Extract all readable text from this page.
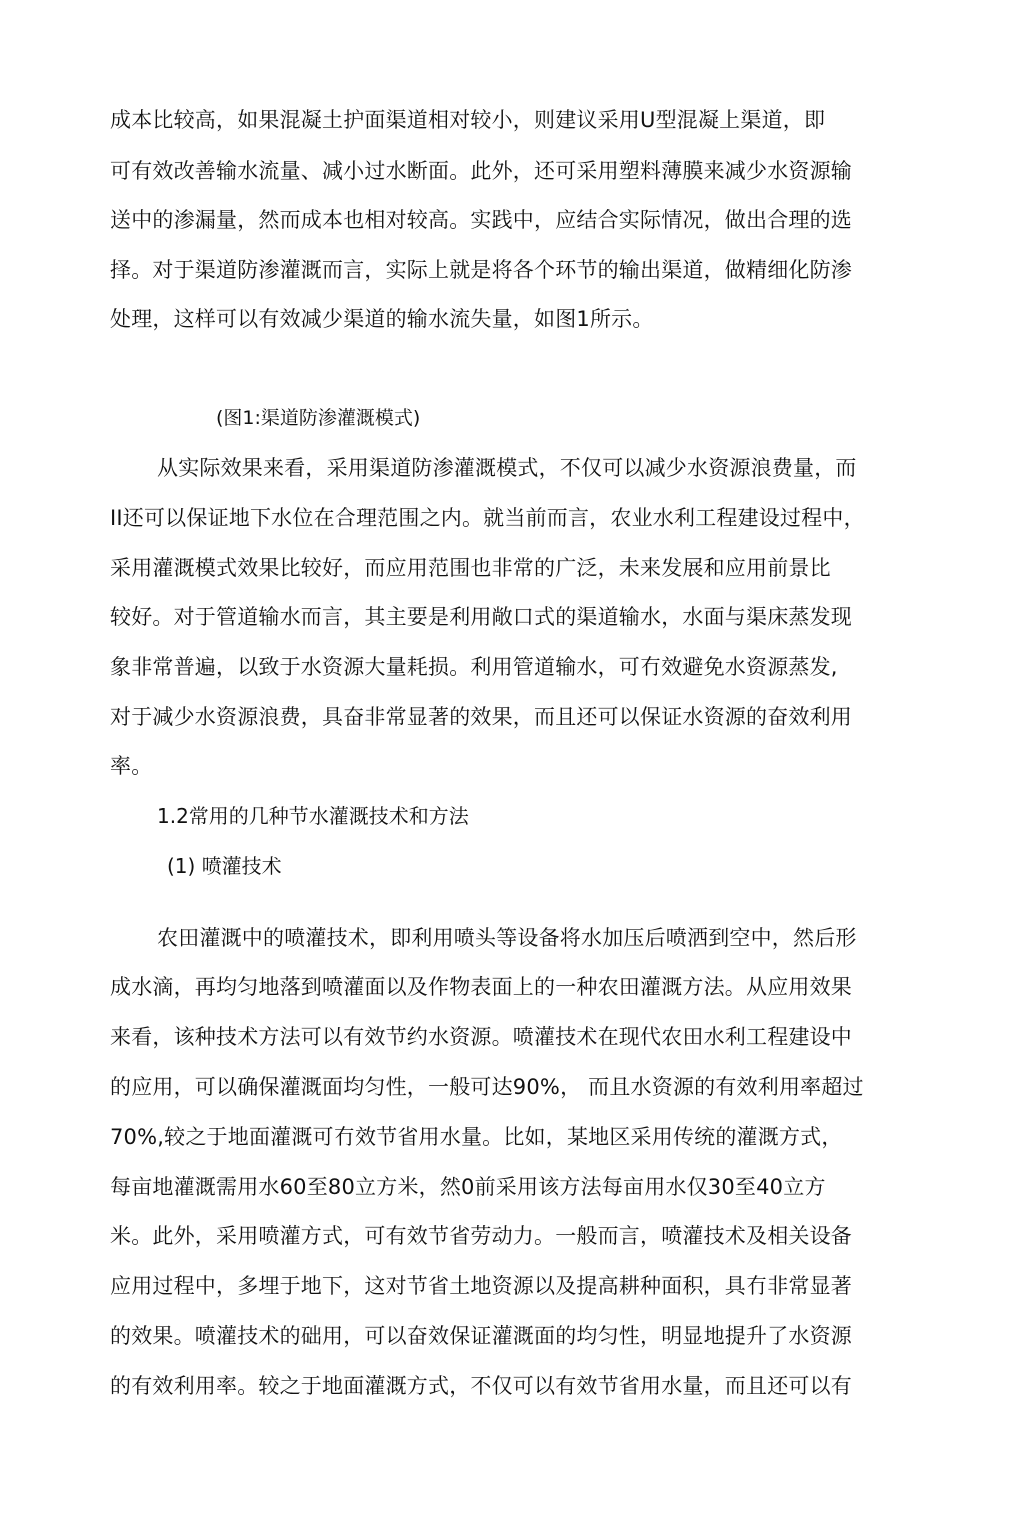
成本比较高，如果混凝土护面渠道相对较小，则建议采用U型混凝上渠道，即
可有效改善输水流量、减小过水断面。此外，还可采用塑料薄膜来减少水资源输
送中的渗漏量，然而成本也相对较高。实践中，应结合实际情况，做出合理的选
择。对于渠道防渗灌溉而言，实际上就是将各个环节的输出渠道，做精细化防渗
处理，这样可以有效减少渠道的输水流失量，如图1所示。
(图1:渠道防渗灌溉模式)
从实际效果来看，采用渠道防渗灌溉模式，不仅可以减少水资源浪费量，而
II还可以保证地下水位在合理范围之内。就当前而言，农业水利工程建设过程中，
采用灌溉模式效果比较好，而应用范围也非常的广泛，未来发展和应用前景比
较好。对于管道输水而言，其主要是利用敞口式的渠道输水，水面与渠床蒸发现
象非常普遍，以致于水资源大量耗损。利用管道输水，可冇效避免水资源蒸发,
对于减少水资源浪费，具奋非常显著的效果，而且还可以保证水资源的奋效利用
率。
1.2常用的几种节水灌溉技术和方法
(1) 喷灌技术
农田灌溉中的喷灌技术，即利用喷头等设备将水加压后喷洒到空中，然后形
成水滴，再均匀地落到喷灌面以及作物表面上的一种农田灌溉方法。从应用效果
来看，该种技术方法可以有效节约水资源。喷灌技术在现代农田水利工程建设中
的应用，可以确保灌溉面均匀性，一般可达90%， 而且水资源的有效利用率超过
70%,较之于地面灌溉可冇效节省用水量。比如，某地区采用传统的灌溉方式，
每亩地灌溉需用水60至80立方米，然0前采用该方法每亩用水仅30至40立方
米。此外，采用喷灌方式，可有效节省劳动力。一般而言，喷灌技术及相关设备
应用过程中，多埋于地下，这对节省土地资源以及提高耕种面积，具冇非常显著
的效果。喷灌技术的础用，可以奋效保证灌溉面的均匀性，明显地提升了水资源
的有效利用率。较之于地面灌溉方式，不仅可以有效节省用水量，而且还可以有
